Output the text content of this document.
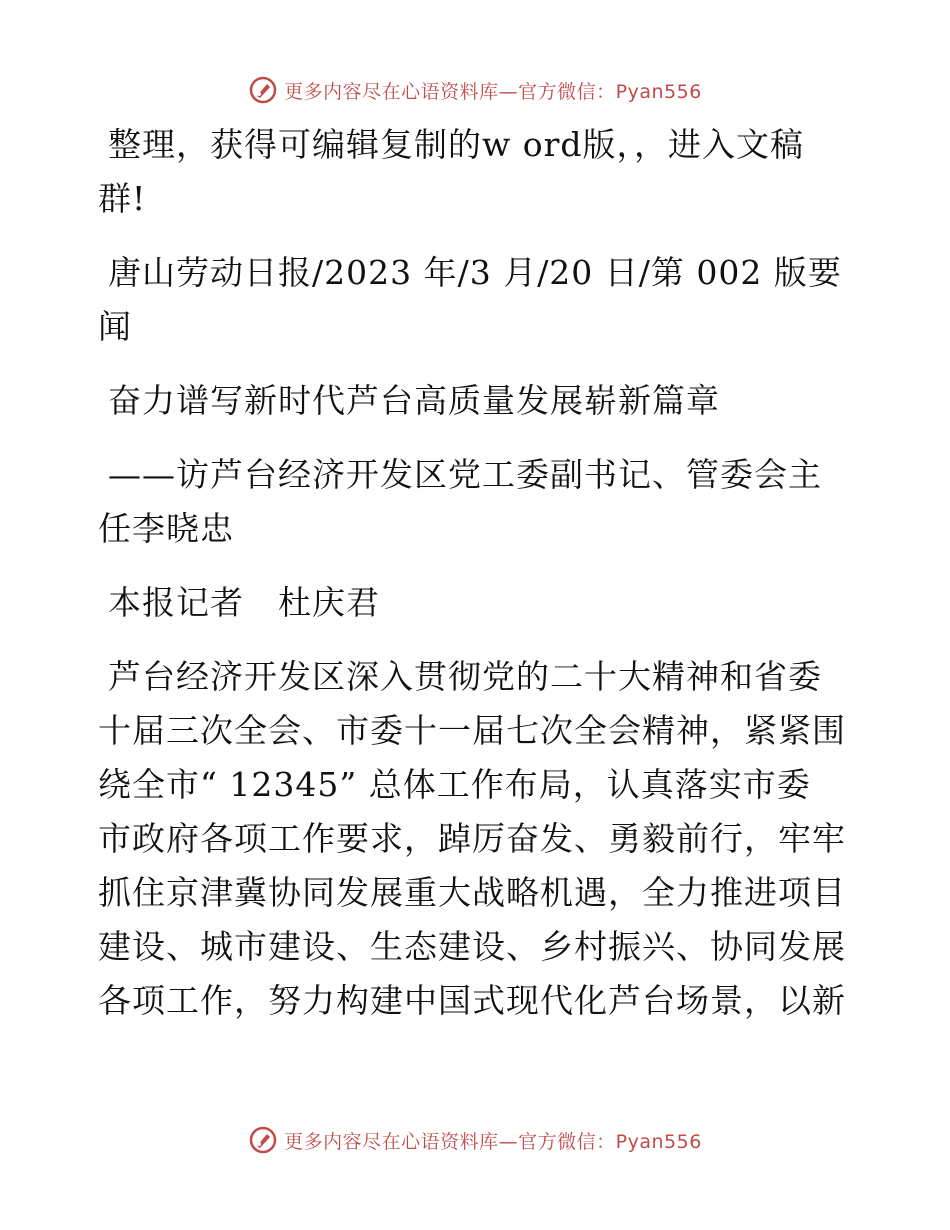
更多内容尽在心语资料库—官方微信：Pyan556

整理，获得可编辑复制的w ord版，，进入文稿
群!

唐山劳动日报/2023 年/3 月/20 日/第 002 版要
闻

奋力谱写新时代芦台高质量发展崭新篇章

——访芦台经济开发区党工委副书记、管委会主
任李晓忠

本报记者　杜庆君

芦台经济开发区深入贯彻党的二十大精神和省委
十届三次全会、市委十一届七次全会精神，紧紧围
绕全市“ 12345” 总体工作布局，认真落实市委
市政府各项工作要求，踔厉奋发、勇毅前行，牢牢
抓住京津冀协同发展重大战略机遇，全力推进项目
建设、城市建设、生态建设、乡村振兴、协同发展
各项工作，努力构建中国式现代化芦台场景，以新

更多内容尽在心语资料库—官方微信：Pyan556
